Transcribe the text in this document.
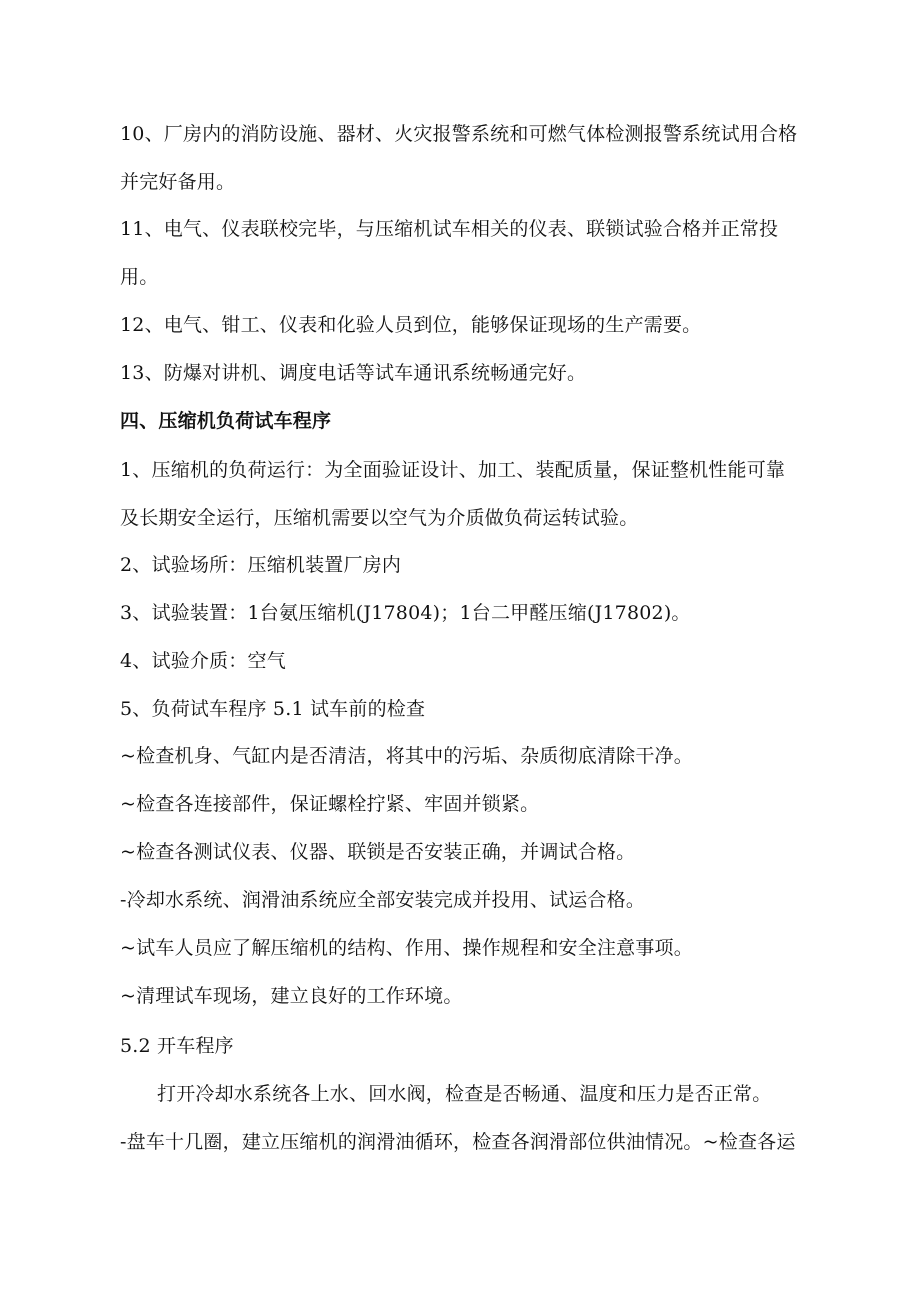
10、厂房内的消防设施、器材、火灾报警系统和可燃气体检测报警系统试用合格
并完好备用。
11、电气、仪表联校完毕，与压缩机试车相关的仪表、联锁试验合格并正常投
用。
12、电气、钳工、仪表和化验人员到位，能够保证现场的生产需要。
13、防爆对讲机、调度电话等试车通讯系统畅通完好。
四、压缩机负荷试车程序
1、压缩机的负荷运行：为全面验证设计、加工、装配质量，保证整机性能可靠
及长期安全运行，压缩机需要以空气为介质做负荷运转试验。
2、试验场所：压缩机装置厂房内
3、试验装置：1台氨压缩机(J17804)；1台二甲醛压缩(J17802)。
4、试验介质：空气
5、负荷试车程序 5.1 试车前的检查
~检查机身、气缸内是否清洁，将其中的污垢、杂质彻底清除干净。
~检查各连接部件，保证螺栓拧紧、牢固并锁紧。
~检查各测试仪表、仪器、联锁是否安装正确，并调试合格。
-冷却水系统、润滑油系统应全部安装完成并投用、试运合格。
~试车人员应了解压缩机的结构、作用、操作规程和安全注意事项。
~清理试车现场，建立良好的工作环境。
5.2 开车程序
打开冷却水系统各上水、回水阀，检查是否畅通、温度和压力是否正常。
-盘车十几圈，建立压缩机的润滑油循环，检查各润滑部位供油情况。~检查各运
